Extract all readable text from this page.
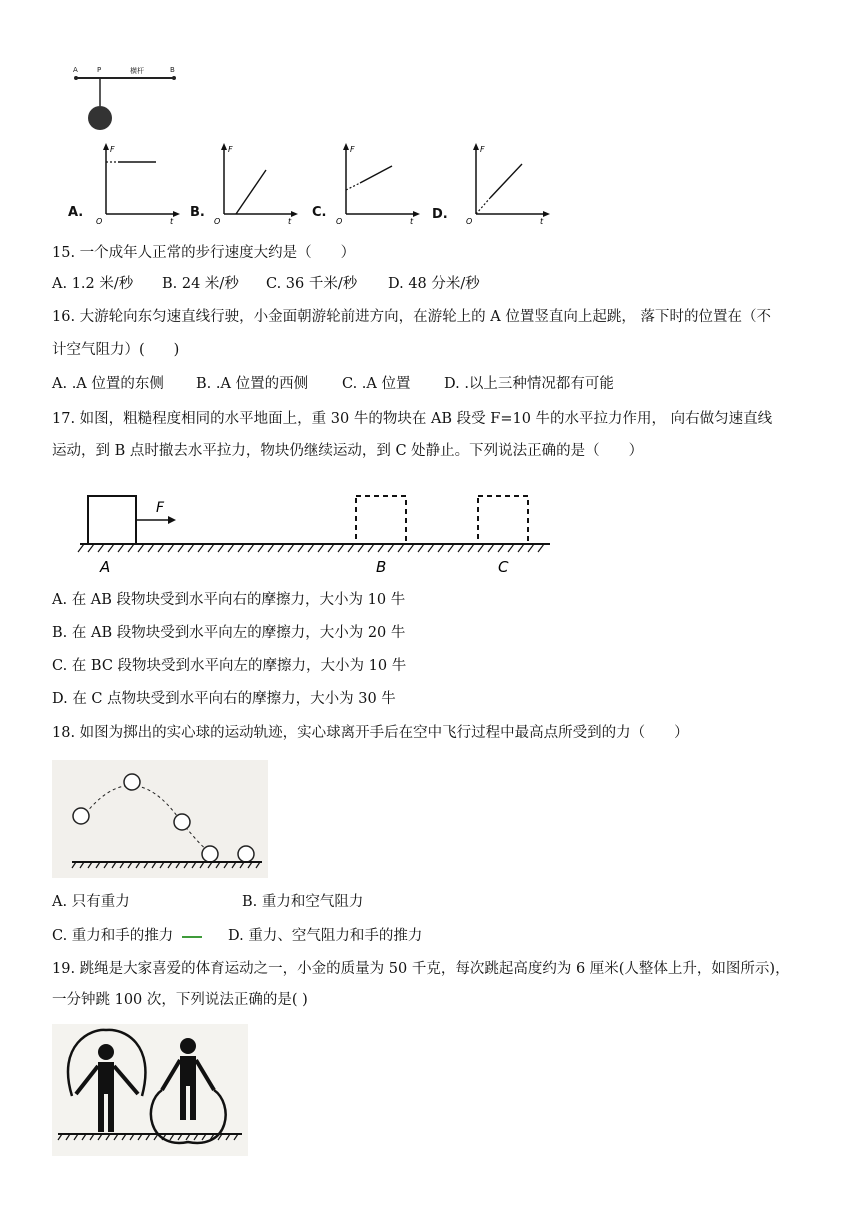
A	P	横杆	B
A.
F
O	t
B.
F
O	t
C.
F
O	t D.
F
O	t
15. 一个成年人正常的步行速度大约是（　　）
A. 1.2 米/秒 B. 24 米/秒 C. 36 千米/秒 D. 48 分米/秒
16. 大游轮向东匀速直线行驶，小金面朝游轮前进方向，在游轮上的 A 位置竖直向上起跳， 落下时的位置在（不
计空气阻力）(　　)
A. .A 位置的东侧 B. .A 位置的西侧 C. .A 位置 D. .以上三种情况都有可能
17. 如图，粗糙程度相同的水平地面上，重 30 牛的物块在 AB 段受 F=10 牛的水平拉力作用， 向右做匀速直线
运动，到 B 点时撤去水平拉力，物块仍继续运动，到 C 处静止。下列说法正确的是（　　）
F
A	B	C
A. 在 AB 段物块受到水平向右的摩擦力，大小为 10 牛
B. 在 AB 段物块受到水平向左的摩擦力，大小为 20 牛
C. 在 BC 段物块受到水平向左的摩擦力，大小为 10 牛
D. 在 C 点物块受到水平向右的摩擦力，大小为 30 牛
18. 如图为掷出的实心球的运动轨迹，实心球离开手后在空中飞行过程中最高点所受到的力（　　）
A. 只有重力	B. 重力和空气阻力
C. 重力和手的推力	D. 重力、空气阻力和手的推力
19. 跳绳是大家喜爱的体育运动之一，小金的质量为 50 千克，每次跳起高度约为 6 厘米(人整体上升，如图所示)，
一分钟跳 100 次，下列说法正确的是( )
